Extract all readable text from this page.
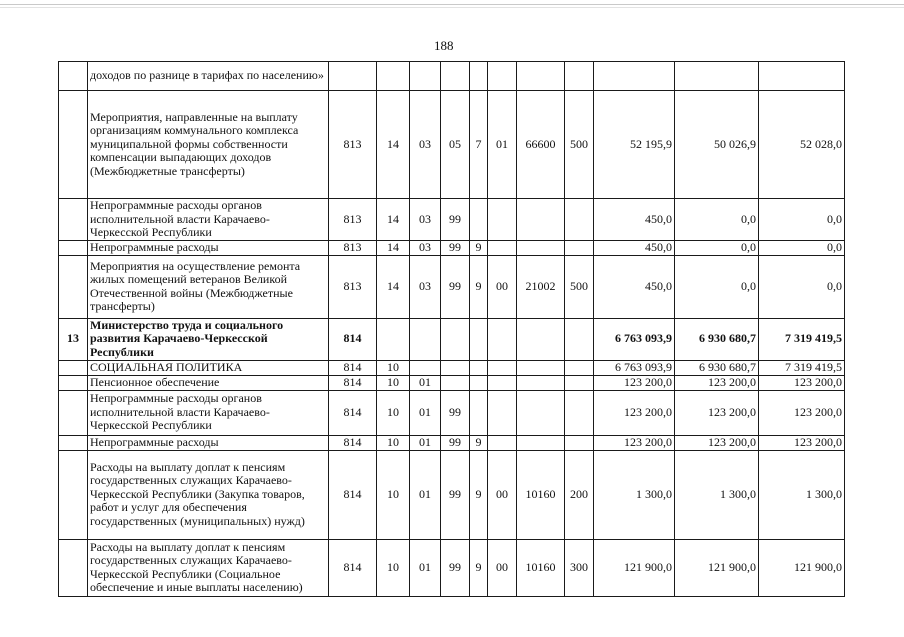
188
	доходов по разнице в тарифах по населению»											
	Мероприятия, направленные на выплату организациям коммунального комплекса муниципальной формы собственности компенсации выпадающих доходов (Межбюджетные трансферты)	813	14	03	05	7	01	66600	500	52 195,9	50 026,9	52 028,0
	Непрограммные расходы органов исполнительной власти Карачаево-Черкесской Республики	813	14	03	99					450,0	0,0	0,0
	Непрограммные расходы	813	14	03	99	9				450,0	0,0	0,0
	Мероприятия на осуществление ремонта жилых помещений ветеранов Великой Отечественной войны (Межбюджетные трансферты)	813	14	03	99	9	00	21002	500	450,0	0,0	0,0
13	Министерство труда и социального развития Карачаево-Черкесской Республики	814								6 763 093,9	6 930 680,7	7 319 419,5
	СОЦИАЛЬНАЯ ПОЛИТИКА	814	10							6 763 093,9	6 930 680,7	7 319 419,5
	Пенсионное обеспечение	814	10	01						123 200,0	123 200,0	123 200,0
	Непрограммные расходы органов исполнительной власти Карачаево-Черкесской Республики	814	10	01	99					123 200,0	123 200,0	123 200,0
	Непрограммные расходы	814	10	01	99	9				123 200,0	123 200,0	123 200,0
	Расходы на выплату доплат к пенсиям государственных служащих Карачаево-Черкесской Республики (Закупка товаров, работ и услуг для обеспечения государственных (муниципальных) нужд)	814	10	01	99	9	00	10160	200	1 300,0	1 300,0	1 300,0
	Расходы на выплату доплат к пенсиям государственных служащих Карачаево-Черкесской Республики (Социальное обеспечение и иные выплаты населению)	814	10	01	99	9	00	10160	300	121 900,0	121 900,0	121 900,0
